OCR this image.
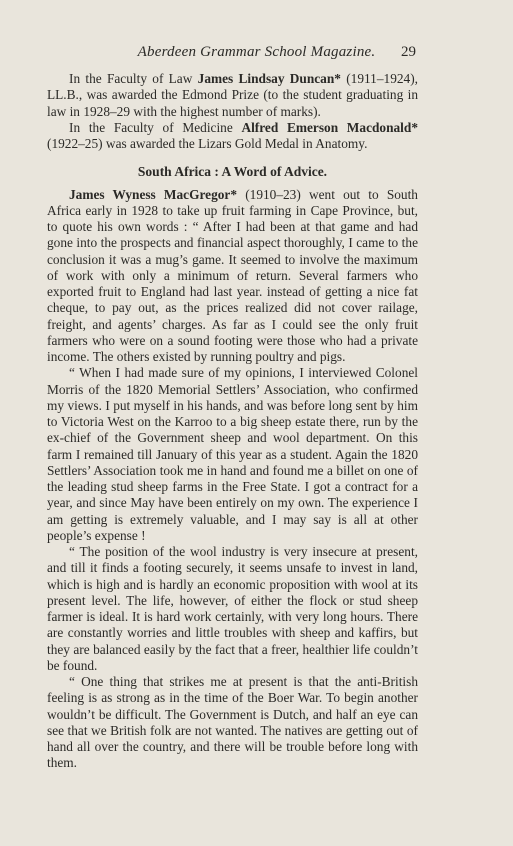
Aberdeen Grammar School Magazine.	29

In the Faculty of Law James Lindsay Duncan* (1911–1924), LL.B., was awarded the Edmond Prize (to the student graduating in law in 1928–29 with the highest number of marks).

In the Faculty of Medicine Alfred Emerson Macdonald* (1922–25) was awarded the Lizars Gold Medal in Anatomy.

South Africa : A Word of Advice.

James Wyness MacGregor* (1910–23) went out to South Africa early in 1928 to take up fruit farming in Cape Province, but, to quote his own words : “ After I had been at that game and had gone into the prospects and financial aspect thoroughly, I came to the conclusion it was a mug’s game. It seemed to involve the maximum of work with only a minimum of return. Several farmers who exported fruit to England had last year. instead of getting a nice fat cheque, to pay out, as the prices realized did not cover railage, freight, and agents’ charges. As far as I could see the only fruit farmers who were on a sound footing were those who had a private income. The others existed by running poultry and pigs.

“ When I had made sure of my opinions, I interviewed Colonel Morris of the 1820 Memorial Settlers’ Association, who confirmed my views. I put myself in his hands, and was before long sent by him to Victoria West on the Karroo to a big sheep estate there, run by the ex-chief of the Government sheep and wool department. On this farm I remained till January of this year as a student. Again the 1820 Settlers’ Association took me in hand and found me a billet on one of the leading stud sheep farms in the Free State. I got a contract for a year, and since May have been entirely on my own. The experience I am getting is extremely valuable, and I may say is all at other people’s expense !

“ The position of the wool industry is very insecure at present, and till it finds a footing securely, it seems unsafe to invest in land, which is high and is hardly an economic proposition with wool at its present level. The life, however, of either the flock or stud sheep farmer is ideal. It is hard work certainly, with very long hours. There are constantly worries and little troubles with sheep and kaffirs, but they are balanced easily by the fact that a freer, healthier life couldn’t be found.

“ One thing that strikes me at present is that the anti-British feeling is as strong as in the time of the Boer War. To begin another wouldn’t be difficult. The Government is Dutch, and half an eye can see that we British folk are not wanted. The natives are getting out of hand all over the country, and there will be trouble before long with them.
